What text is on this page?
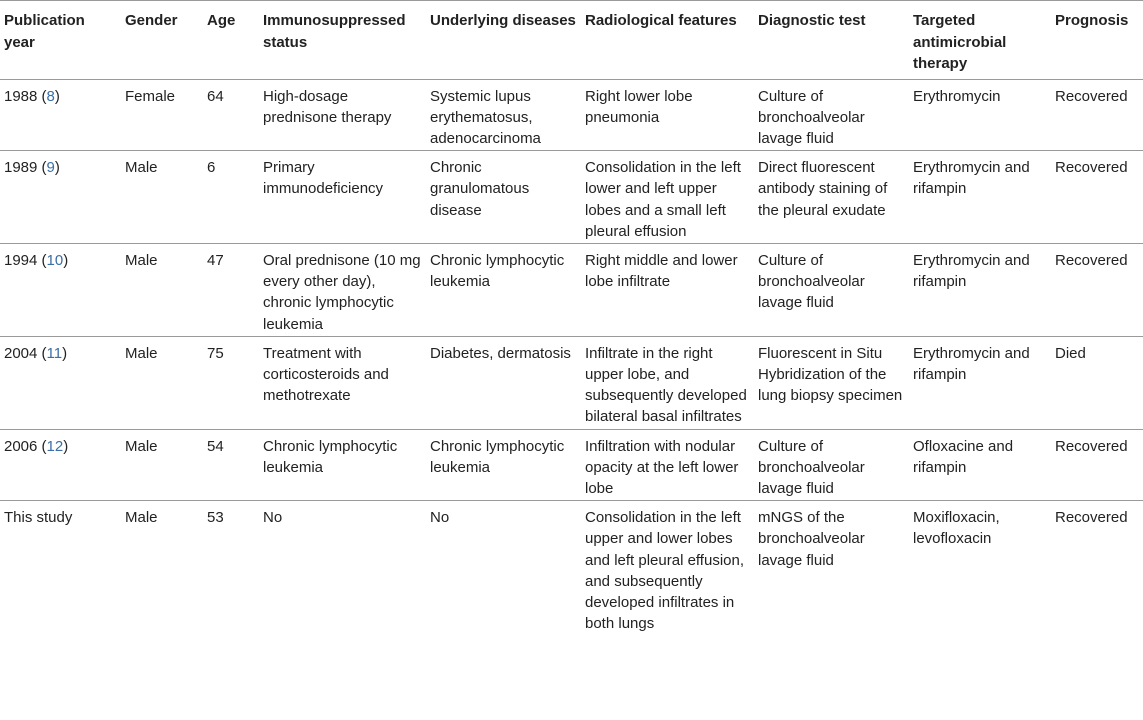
Publication year	Gender	Age	Immunosuppressed status	Underlying diseases	Radiological features	Diagnostic test	Targeted antimicrobial therapy	Prognosis
1988 (8)	Female	64	High-dosage prednisone therapy	Systemic lupus erythematosus, adenocarcinoma	Right lower lobe pneumonia	Culture of bronchoalveolar lavage fluid	Erythromycin	Recovered
1989 (9)	Male	6	Primary immunodeficiency	Chronic granulomatous disease	Consolidation in the left lower and left upper lobes and a small left pleural effusion	Direct fluorescent antibody staining of the pleural exudate	Erythromycin and rifampin	Recovered
1994 (10)	Male	47	Oral prednisone (10 mg every other day), chronic lymphocytic leukemia	Chronic lymphocytic leukemia	Right middle and lower lobe infiltrate	Culture of bronchoalveolar lavage fluid	Erythromycin and rifampin	Recovered
2004 (11)	Male	75	Treatment with corticosteroids and methotrexate	Diabetes, dermatosis	Infiltrate in the right upper lobe, and subsequently developed bilateral basal infiltrates	Fluorescent in Situ Hybridization of the lung biopsy specimen	Erythromycin and rifampin	Died
2006 (12)	Male	54	Chronic lymphocytic leukemia	Chronic lymphocytic leukemia	Infiltration with nodular opacity at the left lower lobe	Culture of bronchoalveolar lavage fluid	Ofloxacine and rifampin	Recovered
This study	Male	53	No	No	Consolidation in the left upper and lower lobes and left pleural effusion, and subsequently developed infiltrates in both lungs	mNGS of the bronchoalveolar lavage fluid	Moxifloxacin, levofloxacin	Recovered
